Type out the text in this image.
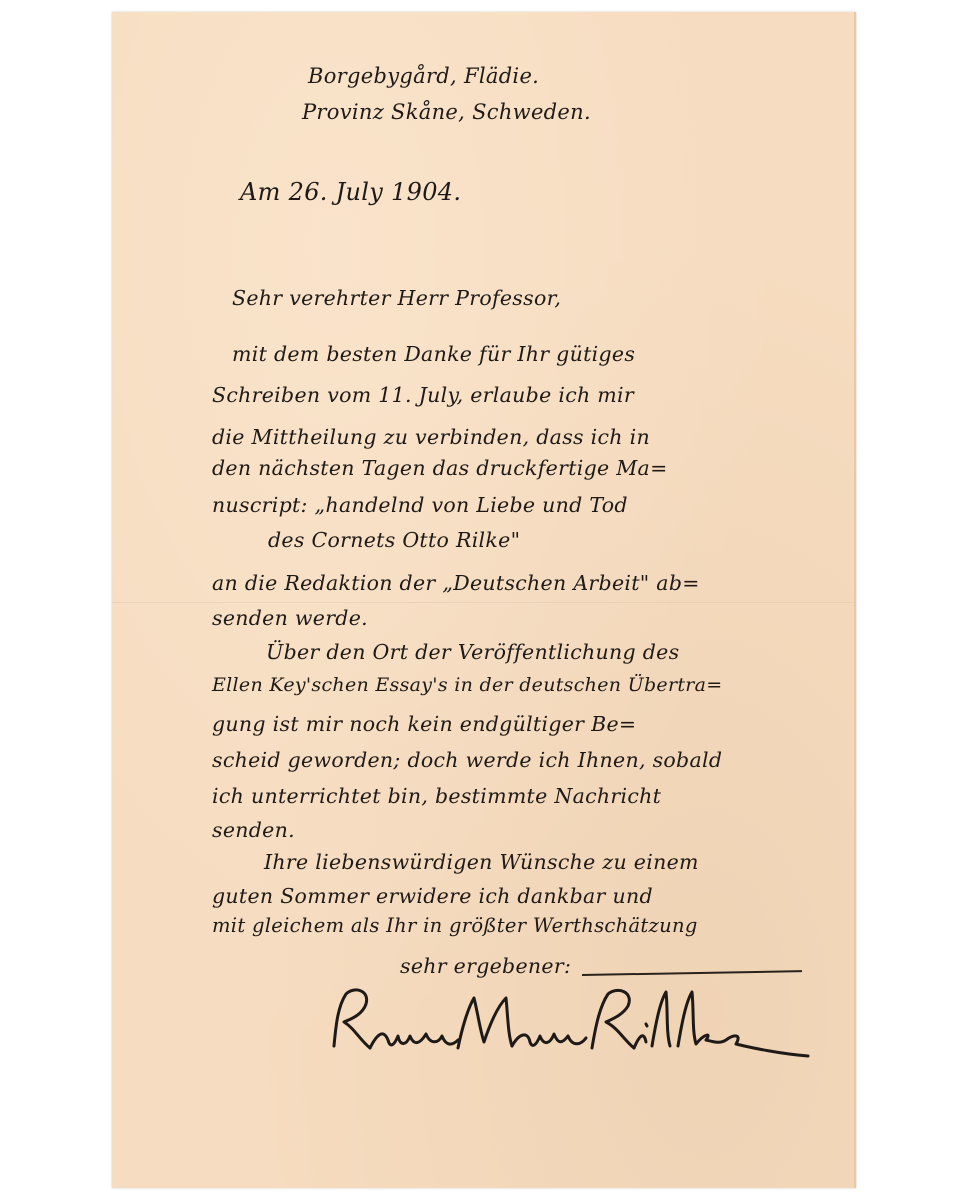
Borgebygård, Flädie.
Provinz Skåne, Schweden.
Am 26. July 1904.
Sehr verehrter Herr Professor,
mit dem besten Danke für Ihr gütiges
Schreiben vom 11. July, erlaube ich mir
die Mittheilung zu verbinden, dass ich in
den nächsten Tagen das druckfertige Ma=
nuscript: „handelnd von Liebe und Tod
des Cornets Otto Rilke"
an die Redaktion der „Deutschen Arbeit" ab=
senden werde.
Über den Ort der Veröffentlichung des
Ellen Key'schen Essay's in der deutschen Übertra=
gung ist mir noch kein endgültiger Be=
scheid geworden; doch werde ich Ihnen, sobald
ich unterrichtet bin, bestimmte Nachricht
senden.
Ihre liebenswürdigen Wünsche zu einem
guten Sommer erwidere ich dankbar und
mit gleichem als Ihr in größter Werthschätzung
sehr ergebener:
